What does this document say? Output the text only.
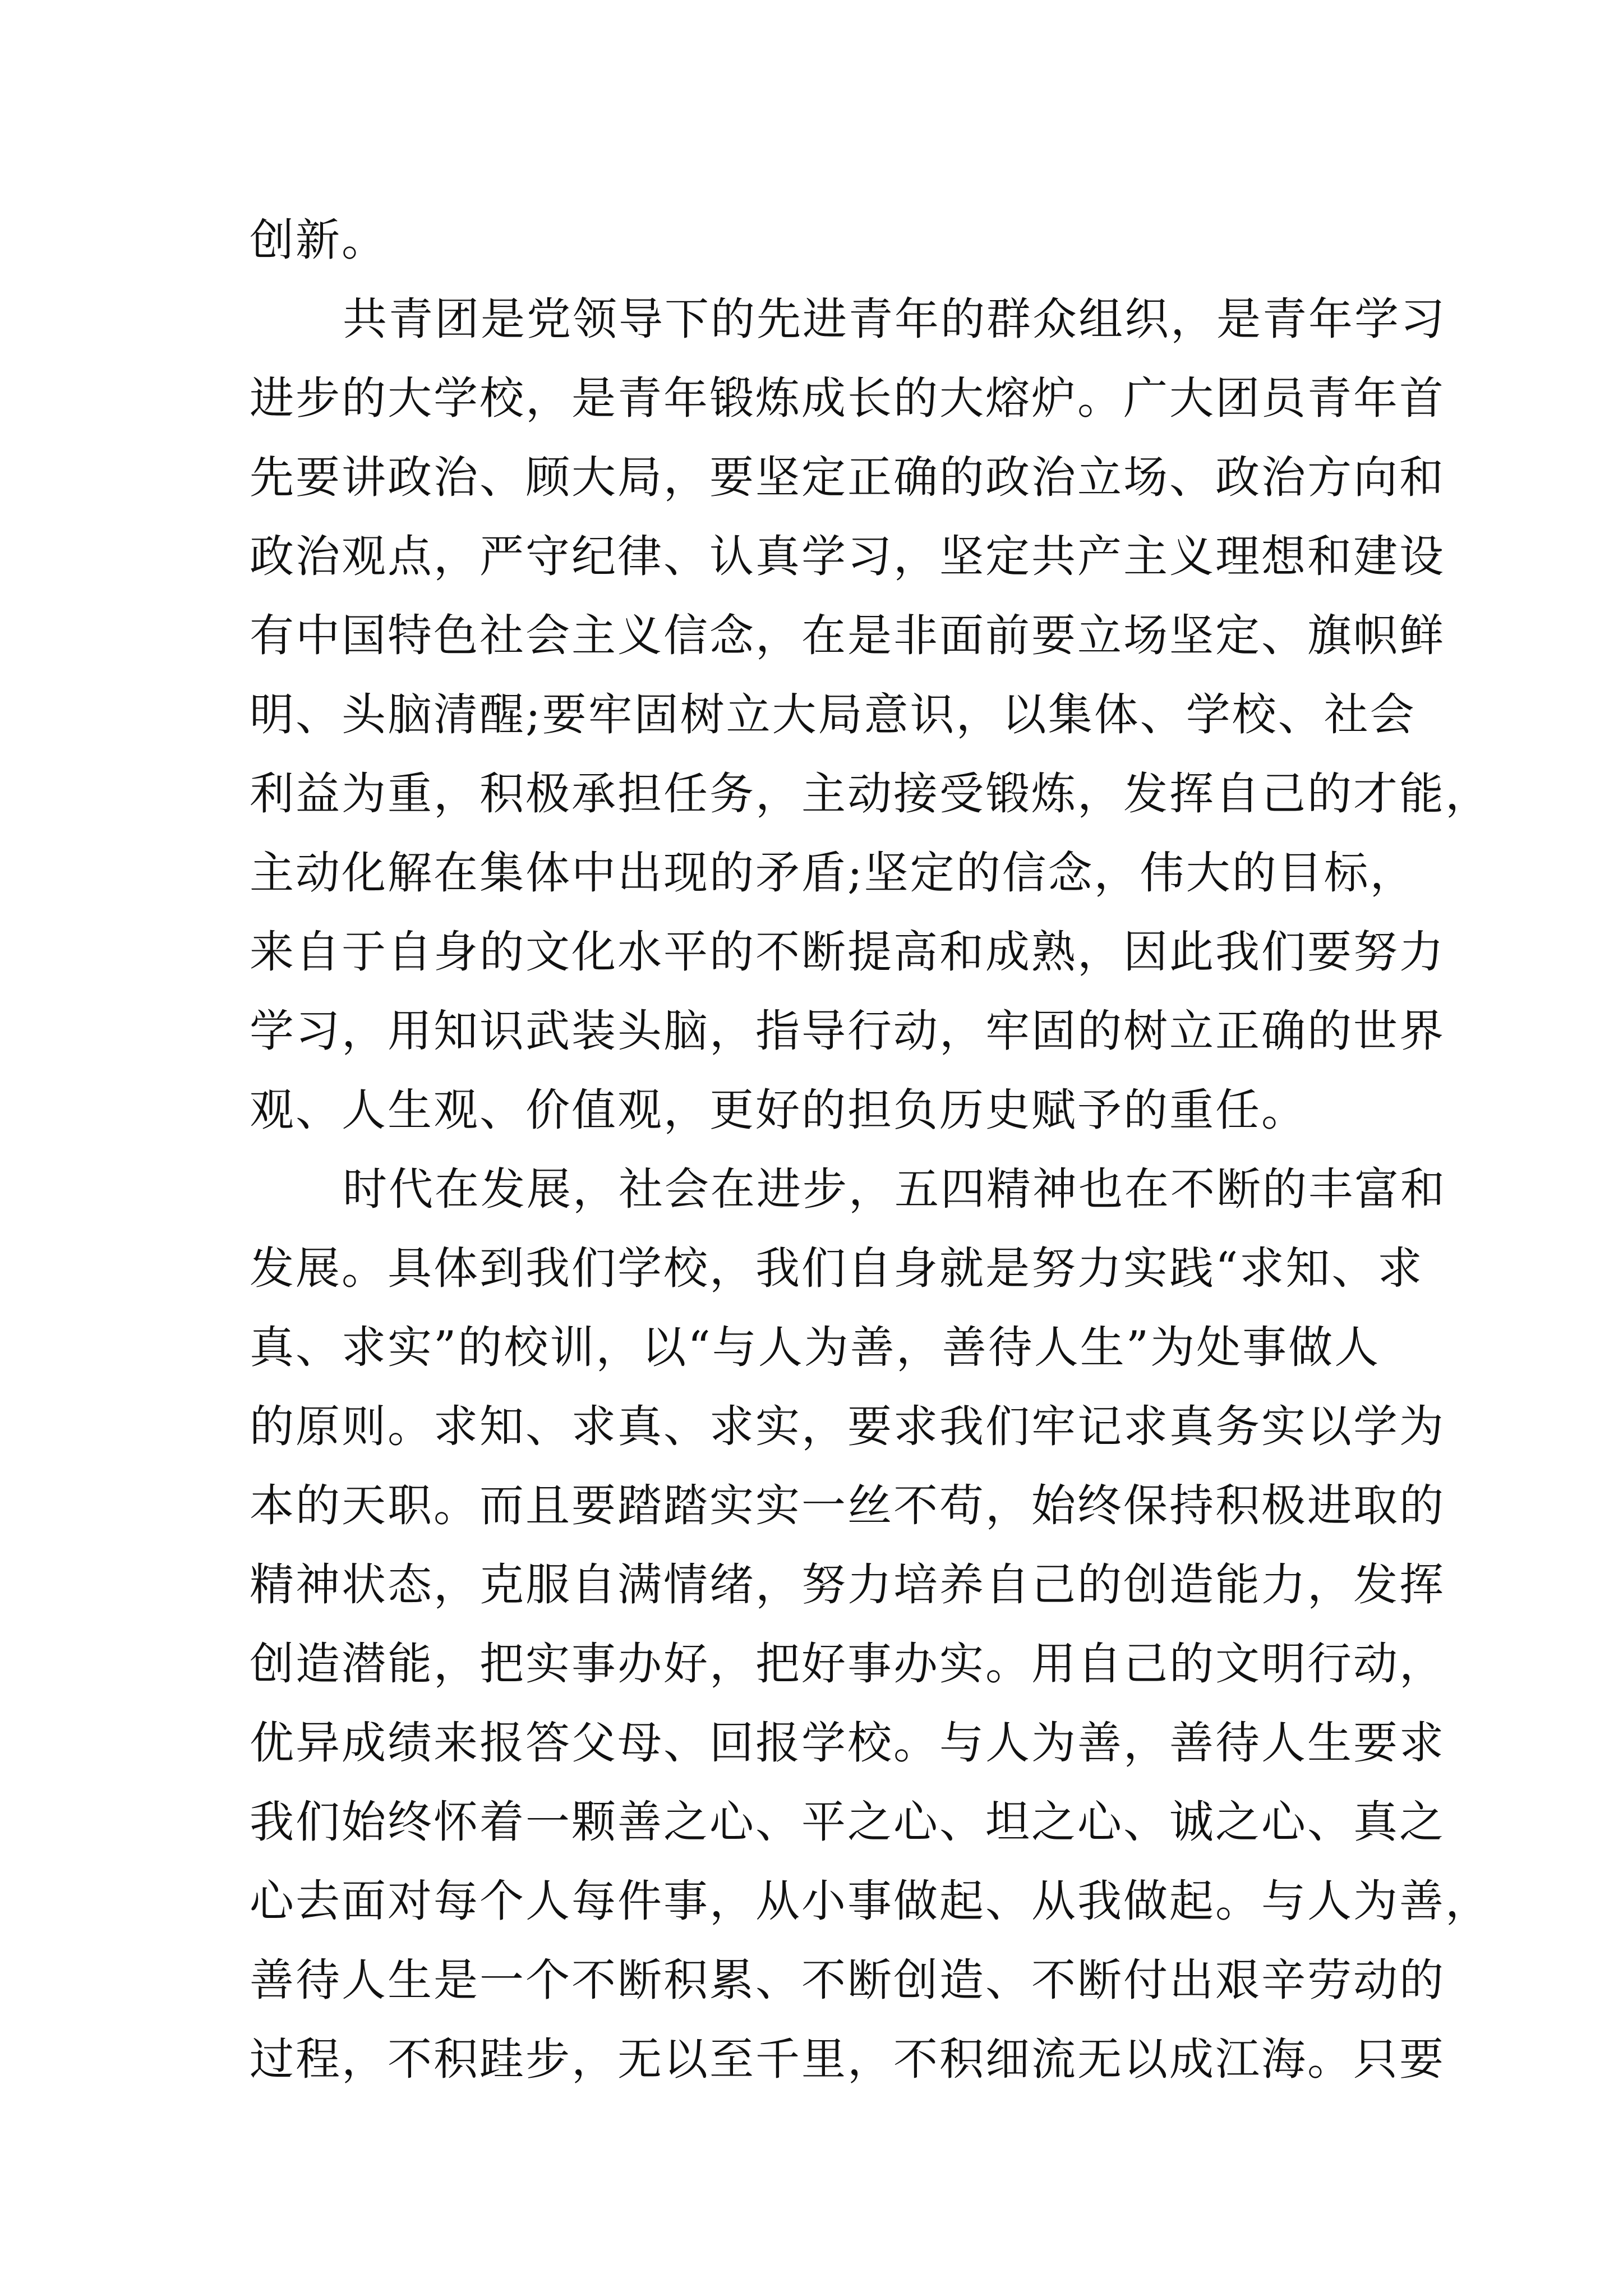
创新。
共青团是党领导下的先进青年的群众组织，是青年学习
进步的大学校，是青年锻炼成长的大熔炉。广大团员青年首
先要讲政治、顾大局，要坚定正确的政治立场、政治方向和
政治观点，严守纪律、认真学习，坚定共产主义理想和建设
有中国特色社会主义信念，在是非面前要立场坚定、旗帜鲜
明、头脑清醒;要牢固树立大局意识，以集体、学校、社会
利益为重，积极承担任务，主动接受锻炼，发挥自己的才能，
主动化解在集体中出现的矛盾;坚定的信念，伟大的目标，
来自于自身的文化水平的不断提高和成熟，因此我们要努力
学习，用知识武装头脑，指导行动，牢固的树立正确的世界
观、人生观、价值观，更好的担负历史赋予的重任。
时代在发展，社会在进步，五四精神也在不断的丰富和
发展。具体到我们学校，我们自身就是努力实践“求知、求
真、求实”的校训，以“与人为善，善待人生”为处事做人
的原则。求知、求真、求实，要求我们牢记求真务实以学为
本的天职。而且要踏踏实实一丝不苟，始终保持积极进取的
精神状态，克服自满情绪，努力培养自己的创造能力，发挥
创造潜能，把实事办好，把好事办实。用自己的文明行动，
优异成绩来报答父母、回报学校。与人为善，善待人生要求
我们始终怀着一颗善之心、平之心、坦之心、诚之心、真之
心去面对每个人每件事，从小事做起、从我做起。与人为善，
善待人生是一个不断积累、不断创造、不断付出艰辛劳动的
过程，不积跬步，无以至千里，不积细流无以成江海。只要
